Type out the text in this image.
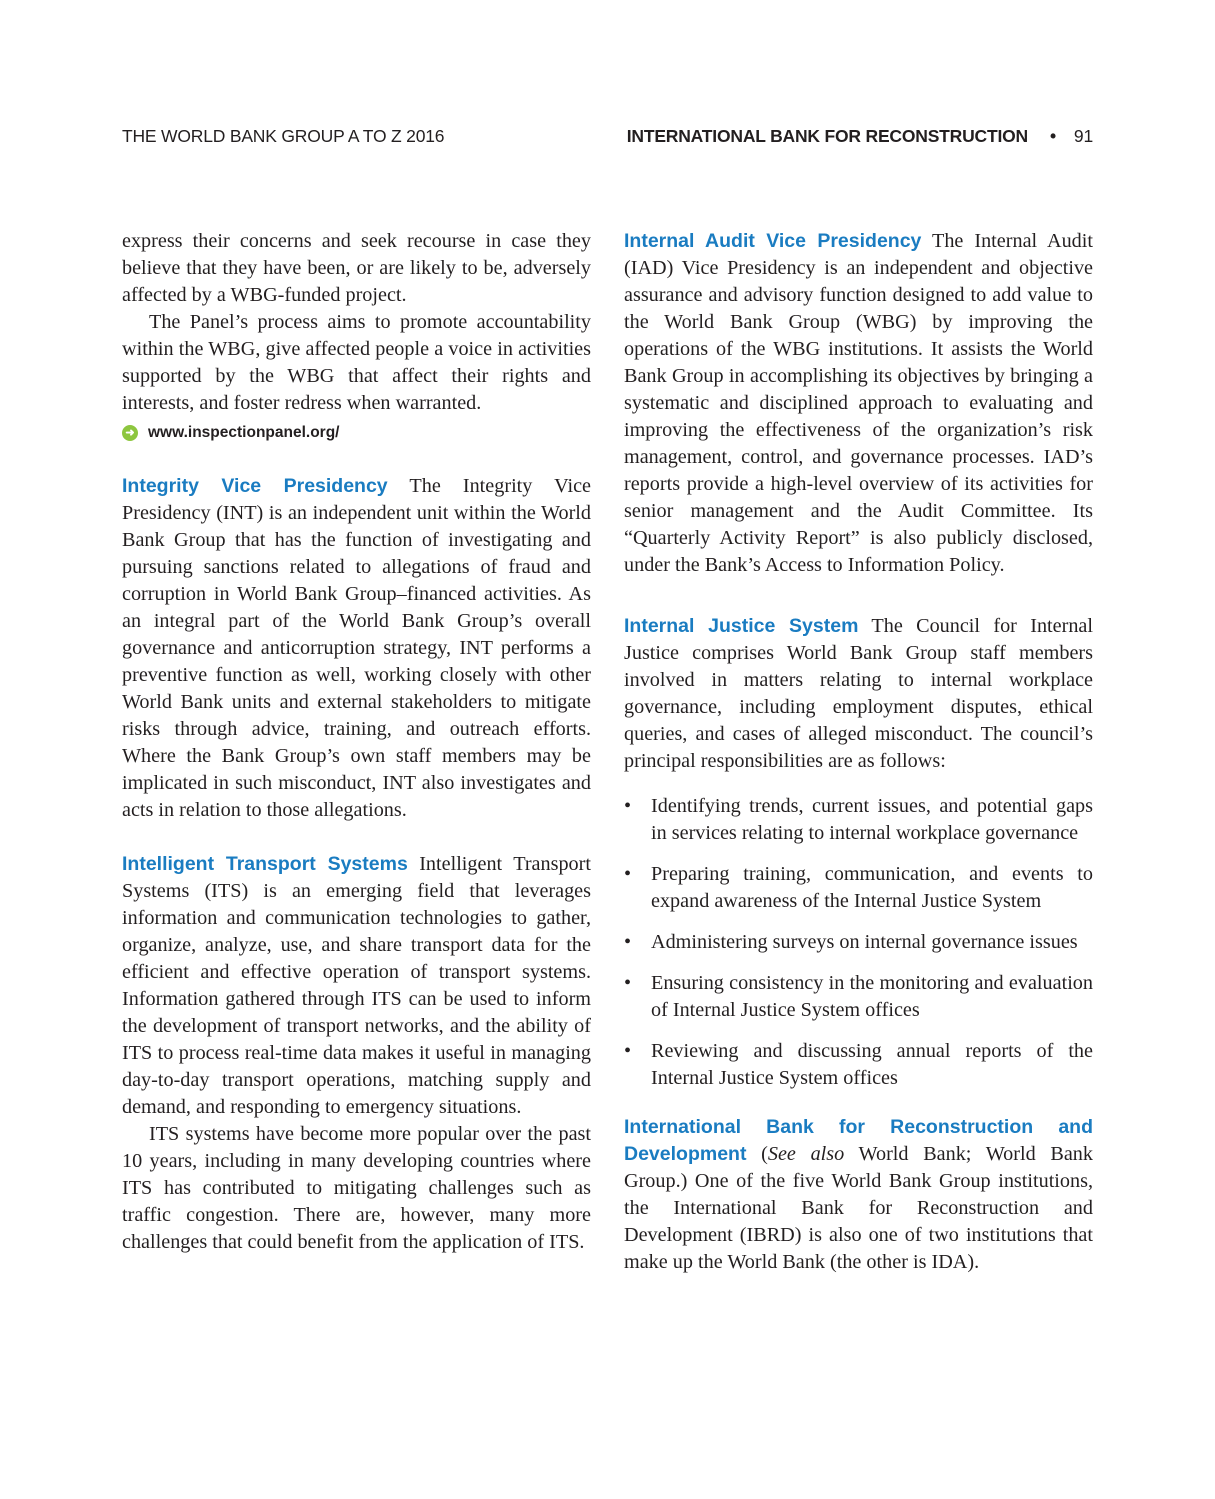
THE WORLD BANK GROUP A TO Z 2016	INTERNATIONAL BANK FOR RECONSTRUCTION • 91

express their concerns and seek recourse in case they believe that they have been, or are likely to be, adversely affected by a WBG-funded project.

The Panel’s process aims to promote accountability within the WBG, give affected people a voice in activities supported by the WBG that affect their rights and interests, and foster redress when warranted.

➜ www.inspectionpanel.org/

Integrity Vice Presidency The Integrity Vice Presidency (INT) is an independent unit within the World Bank Group that has the function of investigating and pursuing sanctions related to allegations of fraud and corruption in World Bank Group–financed activities. As an integral part of the World Bank Group’s overall governance and anticorruption strategy, INT performs a preventive function as well, working closely with other World Bank units and external stakeholders to mitigate risks through advice, training, and outreach efforts. Where the Bank Group’s own staff members may be implicated in such misconduct, INT also investigates and acts in relation to those allegations.

Intelligent Transport Systems Intelligent Transport Systems (ITS) is an emerging field that leverages information and communication technologies to gather, organize, analyze, use, and share transport data for the efficient and effective operation of transport systems. Information gathered through ITS can be used to inform the development of transport networks, and the ability of ITS to process real-time data makes it useful in managing day-to-day transport operations, matching supply and demand, and responding to emergency situations.

ITS systems have become more popular over the past 10 years, including in many developing countries where ITS has contributed to mitigating challenges such as traffic congestion. There are, however, many more challenges that could benefit from the application of ITS.

Internal Audit Vice Presidency The Internal Audit (IAD) Vice Presidency is an independent and objective assurance and advisory function designed to add value to the World Bank Group (WBG) by improving the operations of the WBG institutions. It assists the World Bank Group in accomplishing its objectives by bringing a systematic and disciplined approach to evaluating and improving the effectiveness of the organization’s risk management, control, and governance processes. IAD’s reports provide a high-level overview of its activities for senior management and the Audit Committee. Its “Quarterly Activity Report” is also publicly disclosed, under the Bank’s Access to Information Policy.

Internal Justice System The Council for Internal Justice comprises World Bank Group staff members involved in matters relating to internal workplace governance, including employment disputes, ethical queries, and cases of alleged misconduct. The council’s principal responsibilities are as follows:

• Identifying trends, current issues, and potential gaps in services relating to internal workplace governance
• Preparing training, communication, and events to expand awareness of the Internal Justice System
• Administering surveys on internal governance issues
• Ensuring consistency in the monitoring and evaluation of Internal Justice System offices
• Reviewing and discussing annual reports of the Internal Justice System offices

International Bank for Reconstruction and Development (See also World Bank; World Bank Group.) One of the five World Bank Group institutions, the International Bank for Reconstruction and Development (IBRD) is also one of two institutions that make up the World Bank (the other is IDA).
